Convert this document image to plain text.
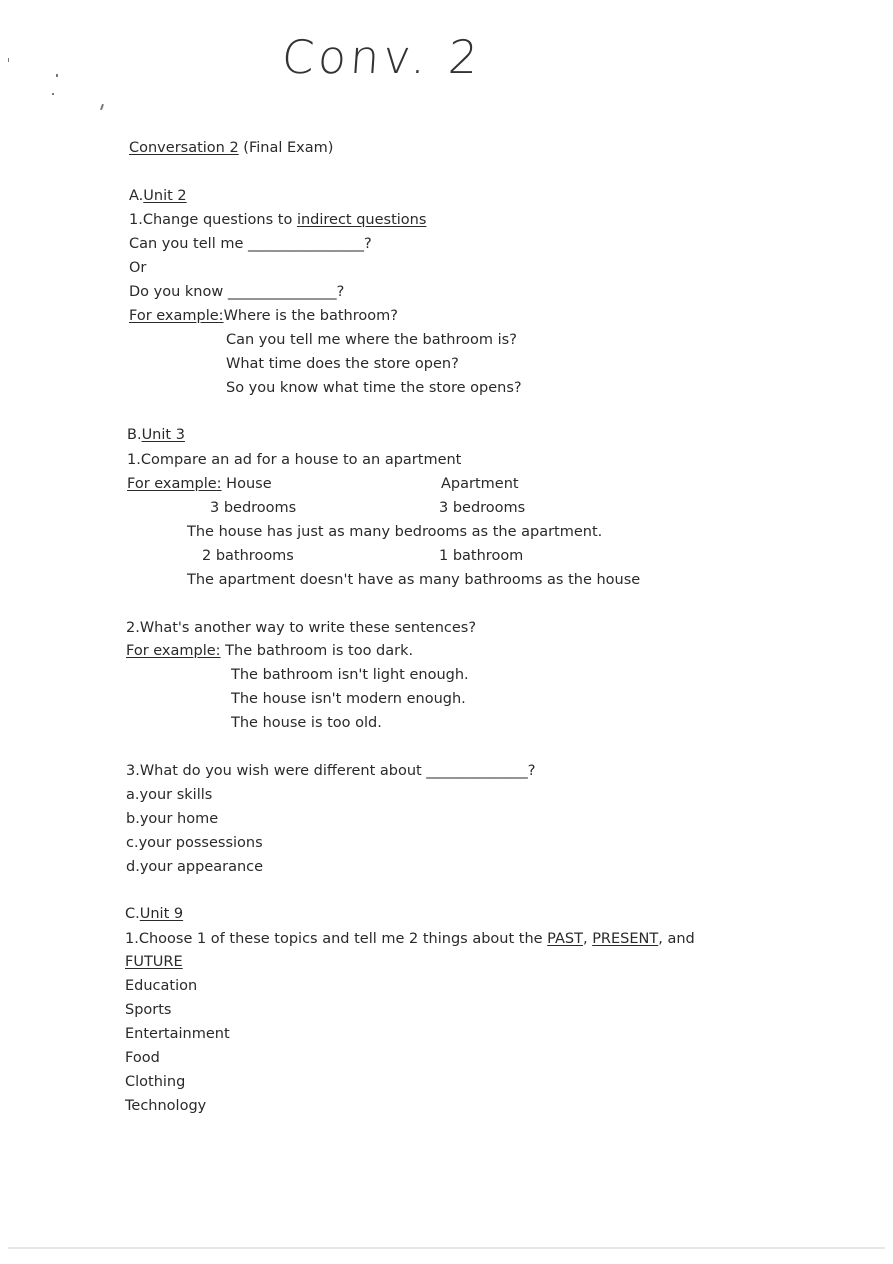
Conv. 2
Conversation 2 (Final Exam)
A.Unit 2
1.Change questions to indirect questions
Can you tell me ________________?
Or
Do you know _______________?
For example:Where is the bathroom?
Can you tell me where the bathroom is?
What time does the store open?
So you know what time the store opens?
B.Unit 3
1.Compare an ad for a house to an apartment
For example: House	Apartment
3 bedrooms	3 bedrooms
The house has just as many bedrooms as the apartment.
2 bathrooms	1 bathroom
The apartment doesn't have as many bathrooms as the house
2.What's another way to write these sentences?
For example: The bathroom is too dark.
The bathroom isn't light enough.
The house isn't modern enough.
The house is too old.
3.What do you wish were different about ______________?
a.your skills
b.your home
c.your possessions
d.your appearance
C.Unit 9
1.Choose 1 of these topics and tell me 2 things about the PAST, PRESENT, and
FUTURE
Education
Sports
Entertainment
Food
Clothing
Technology
